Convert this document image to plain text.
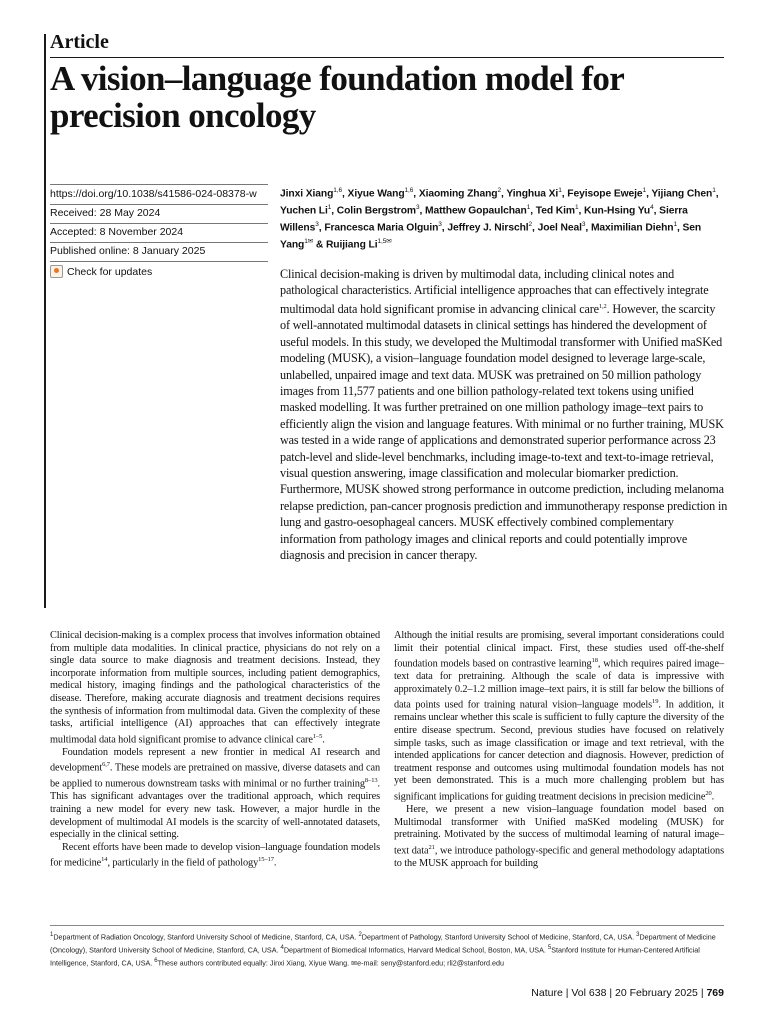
Article
A vision–language foundation model for precision oncology
https://doi.org/10.1038/s41586-024-08378-w
Received: 28 May 2024
Accepted: 8 November 2024
Published online: 8 January 2025
Check for updates
Jinxi Xiang$^{1,6}$, Xiyue Wang$^{1,6}$, Xiaoming Zhang$^2$, Yinghua Xi$^1$, Feyisope Eweje$^1$, Yijiang Chen$^1$, Yuchen Li$^1$, Colin Bergstrom$^3$, Matthew Gopaulchan$^1$, Ted Kim$^1$, Kun-Hsing Yu$^4$, Sierra Willens$^3$, Francesca Maria Olguin$^3$, Jeffrey J. Nirschl$^2$, Joel Neal$^3$, Maximilian Diehn$^1$, Sen Yang$^{1✉}$ & Ruijiang $Li^{1,5✉}$
Clinical decision-making is driven by multimodal data, including clinical notes and pathological characteristics. Artificial intelligence approaches that can effectively integrate multimodal data hold significant promise in advancing clinical care$^{1,2}$. However, the scarcity of well-annotated multimodal datasets in clinical settings has hindered the development of useful models. In this study, we developed the Multimodal transformer with Unified maSKed modeling (MUSK), a vision–language foundation model designed to leverage large-scale, unlabelled, unpaired image and text data. MUSK was pretrained on 50 million pathology images from 11,577 patients and one billion pathology-related text tokens using unified masked modelling. It was further pretrained on one million pathology image–text pairs to efficiently align the vision and language features. With minimal or no further training, MUSK was tested in a wide range of applications and demonstrated superior performance across 23 patch-level and slide-level benchmarks, including image-to-text and text-to-image retrieval, visual question answering, image classification and molecular biomarker prediction. Furthermore, MUSK showed strong performance in outcome prediction, including melanoma relapse prediction, pan-cancer prognosis prediction and immunotherapy response prediction in lung and gastro-oesophageal cancers. MUSK effectively combined complementary information from pathology images and clinical reports and could potentially improve diagnosis and precision in cancer therapy.

Clinical decision-making is a complex process that involves information obtained from multiple data modalities. In clinical practice, physicians do not rely on a single data source to make diagnosis and treatment decisions. Instead, they incorporate information from multiple sources, including patient demographics, medical history, imaging findings and the pathological characteristics of the disease. Therefore, making accurate diagnosis and treatment decisions requires the synthesis of information from multimodal data. Given the complexity of these tasks, artificial intelligence (AI) approaches that can effectively integrate multimodal data hold significant promise to advance clinical care$^{1-5}$.

Foundation models represent a new frontier in medical AI research and development$^{6,7}$. These models are pretrained on massive, diverse datasets and can be applied to numerous downstream tasks with minimal or no further training$^{8-13}$. This has significant advantages over the traditional approach, which requires training a new model for every new task. However, a major hurdle in the development of multimodal AI models is the scarcity of well-annotated datasets, especially in the clinical setting.

Recent efforts have been made to develop vision–language foundation models for medicine$^{14}$, particularly in the field of pathology$^{15-17}$.

Although the initial results are promising, several important considerations could limit their potential clinical impact. First, these studies used off-the-shelf foundation models based on contrastive learning$^{18}$, which requires paired image–text data for pretraining. Although the scale of data is impressive with approximately 0.2–1.2 million image–text pairs, it is still far below the billions of data points used for training natural vision–language models$^{19}$. In addition, it remains unclear whether this scale is sufficient to fully capture the diversity of the entire disease spectrum. Second, previous studies have focused on relatively simple tasks, such as image classification or image and text retrieval, with the intended applications for cancer detection and diagnosis. However, prediction of treatment response and outcomes using multimodal foundation models has not yet been demonstrated. This is a much more challenging problem but has significant implications for guiding treatment decisions in precision medicine$^{20}$.

Here, we present a new vision–language foundation model based on Multimodal transformer with Unified maSKed modeling (MUSK) for pretraining. Motivated by the success of multimodal learning of natural image–text data$^{21}$, we introduce pathology-specific and general methodology adaptations to the MUSK approach for building

$^1$Department of Radiation Oncology, Stanford University School of Medicine, Stanford, CA, USA. $^2$Department of Pathology, Stanford University School of Medicine, Stanford, CA, USA. $^3$Department of Medicine (Oncology), Stanford University School of Medicine, Stanford, CA, USA. $^4$Department of Biomedical Informatics, Harvard Medical School, Boston, MA, USA. $^5$Stanford Institute for Human-Centered Artificial Intelligence, Stanford, CA, USA. $^6$These authors contributed equally: Jinxi Xiang, Xiyue Wang. ✉e-mail: seny@stanford.edu; rli2@stanford.edu
Nature | Vol 638 | 20 February 2025 | 769
